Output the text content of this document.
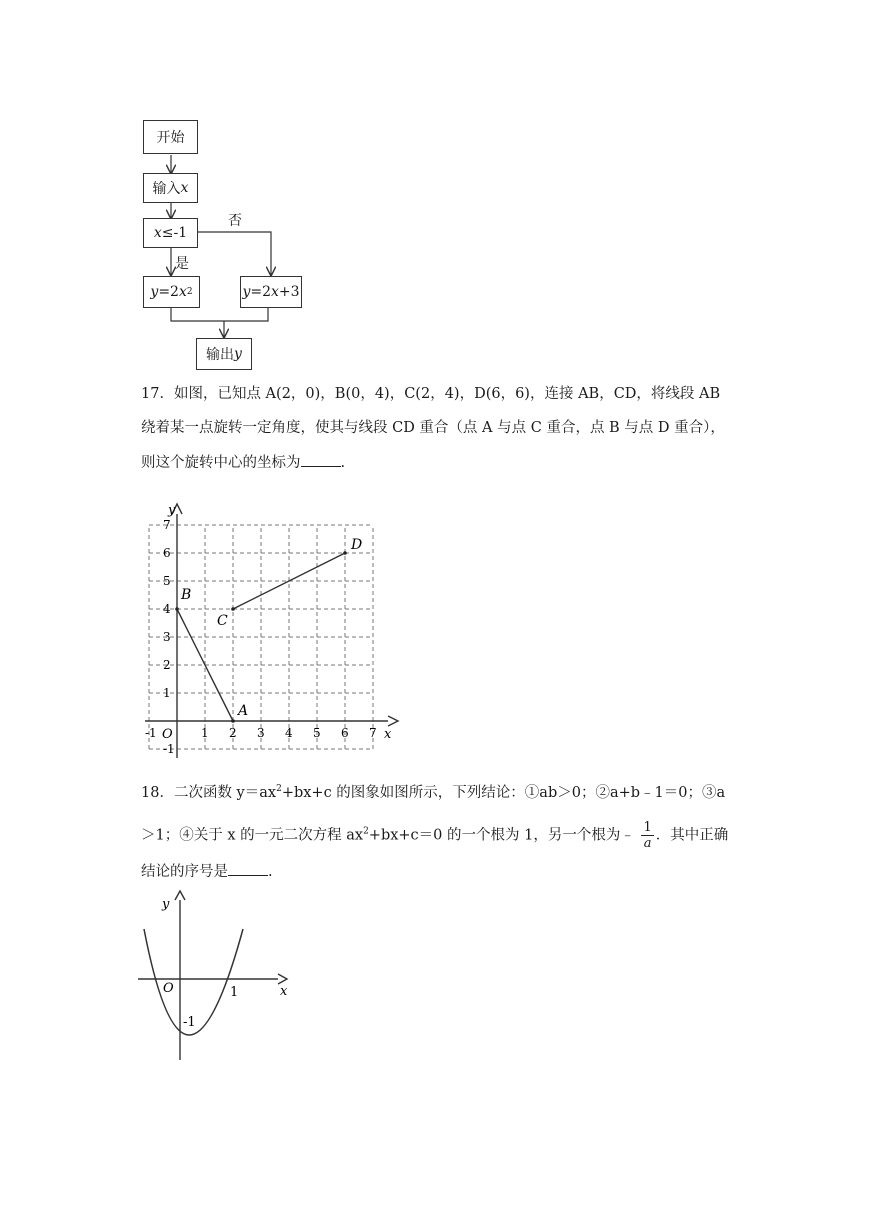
开始
输入 x
x ≤-1
否
是
y =2 x 2	y =2 x +3
输出 y
17．如图，已知点 A(2，0)，B(0，4)，C(2，4)，D(6，6)，连接 AB，CD，将线段 AB
绕着某一点旋转一定角度，使其与线段 CD 重合（点 A 与点 C 重合，点 B 与点 D 重合），
则这个旋转中心的坐标为	.
-1	1 2 3 4 5 6 7
-1
1
2
3
4
5
6
7
x
y
O
A
B
C
D
18．二次函数 $y=ax^2+bx+c$ 的图象如图所示，下列结论：①ab＞0；②a+b﹣1＝0；③a
＞1；④关于 x 的一元二次方程 $ax^2+bx+c=0$ 的一个根为 1，另一个根为﹣ $\frac{1}{a}$ ．其中正确
结论的序号是	.
x
y
O	1
-1
